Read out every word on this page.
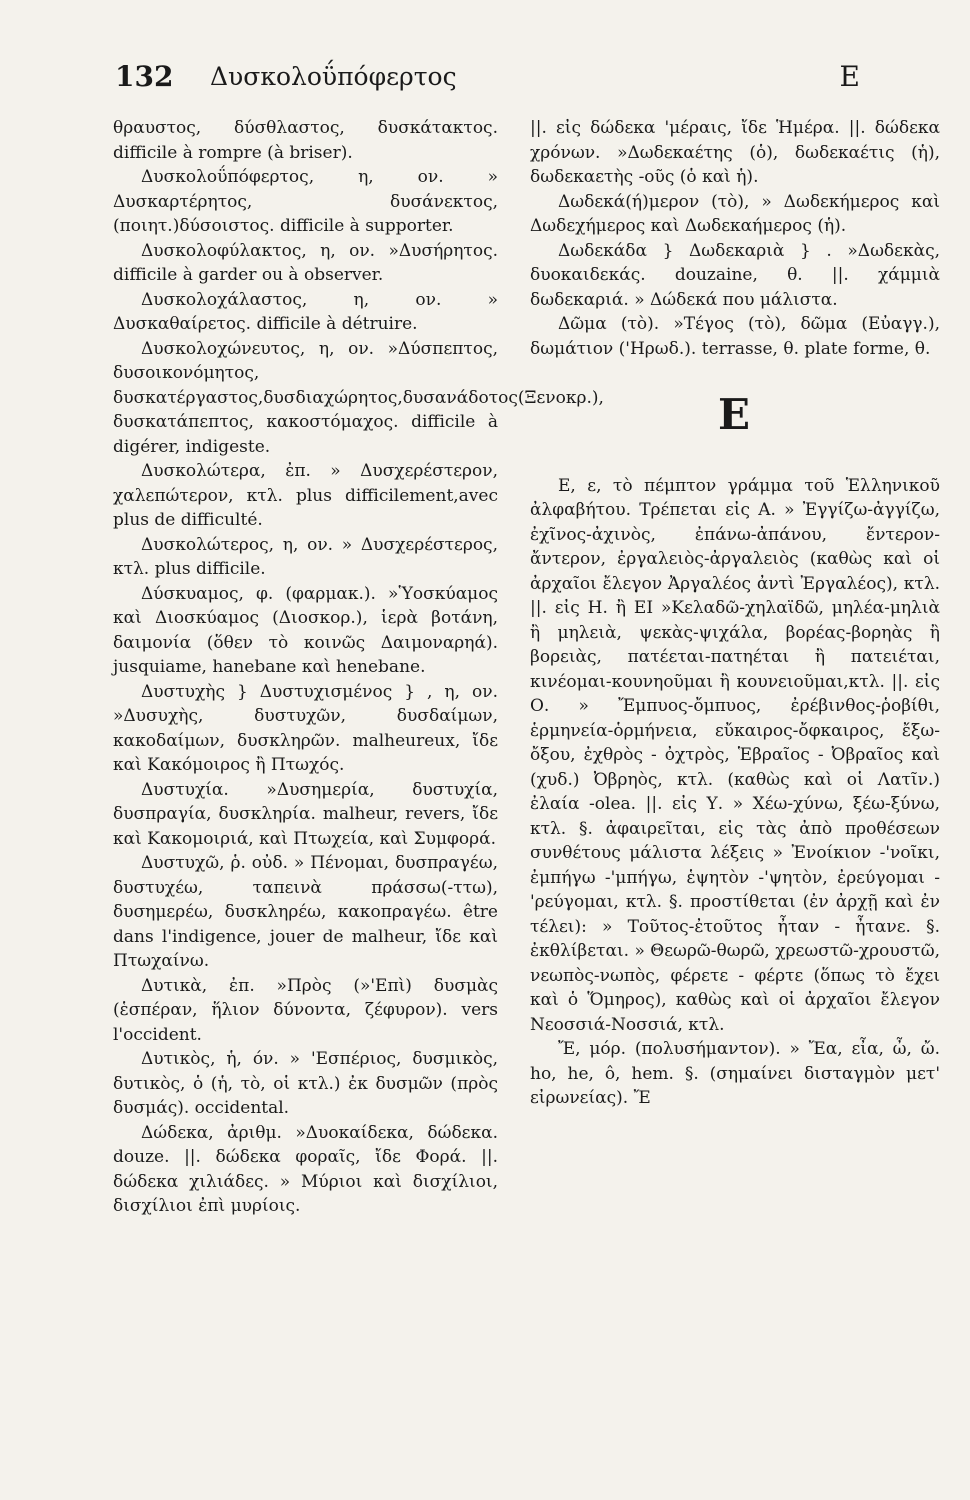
132 Δυσκολοΰπόφερτος	E

θραυστος, δύσθλαστος, δυσκάτακτος. difficile à rompre (à briser).

Δυσκολοΰπόφερτος, η, ον. » Δυσκαρτέρητος, δυσάνεκτος,(ποιητ.)δύσοιστος. difficile à supporter.

Δυσκολοφύλακτος, η, ον. »Δυσήρητος. difficile à garder ou à observer.

Δυσκολοχάλαστος, η, ον. » Δυσκαθαίρετος. difficile à détruire.

Δυσκολοχώνευτος, η, ον. »Δύσπεπτος, δυσοικονόμητος, δυσκατέργαστος,δυσδιαχώρητος,δυσανάδοτος(Ξενοκρ.), δυσκατάπεπτος, κακοστόμαχος. difficile à digérer, indigeste.

Δυσκολώτερα, ἐπ. » Δυσχερέστερον, χαλεπώτερον, κτλ. plus difficilement,avec plus de difficulté.

Δυσκολώτερος, η, ον. » Δυσχερέστερος, κτλ. plus difficile.

Δύσκυαμος, φ. (φαρμακ.). »Ὑοσκύαμος καὶ Διοσκύαμος (Διοσκορ.), ἱερὰ βοτάνη, δαιμονία (ὅθεν τὸ κοινῶς Δαιμοναρηά). jusquiame, hanebane καὶ henebane.

Δυστυχὴς } Δυστυχισμένος } , η, ον. »Δυσυχὴς, δυστυχῶν, δυσδαίμων, κακοδαίμων, δυσκληρῶν. malheureux, ἴδε καὶ Κακόμοιρος ἢ Πτωχός.

Δυστυχία. »Δυσημερία, δυστυχία, δυσπραγία, δυσκληρία. malheur, revers, ἴδε καὶ Κακομοιριά, καὶ Πτωχεία, καὶ Συμφορά.

Δυστυχῶ, ῥ. οὐδ. » Πένομαι, δυσπραγέω, δυστυχέω, ταπεινὰ πράσσω(-ττω), δυσημερέω, δυσκληρέω, κακοπραγέω. être dans l'indigence, jouer de malheur, ἴδε καὶ Πτωχαίνω.

Δυτικὰ, ἐπ. »Πρὸς (»'Επὶ) δυσμὰς (ἑσπέραν, ἥλιον δύνοντα, ζέφυρον). vers l'occident.

Δυτικὸς, ἡ, όν. » 'Εσπέριος, δυσμικὸς, δυτικὸς, ὁ (ἡ, τὸ, οἱ κτλ.) ἐκ δυσμῶν (πρὸς δυσμάς). occidental.

Δώδεκα, ἀριθμ. »Δυοκαίδεκα, δώδεκα. douze. ||. δώδεκα φοραῖς, ἴδε Φορά. ||. δώδεκα χιλιάδες. » Μύριοι καὶ δισχίλιοι, δισχίλιοι ἐπὶ μυρίοις.

||. εἰς δώδεκα 'μέραις, ἴδε Ἡμέρα. ||. δώδεκα χρόνων. »Δωδεκαέτης (ὁ), δωδεκαέτις (ἡ), δωδεκαετὴς -οῦς (ὁ καὶ ἡ).

Δωδεκά(ή)μερον (τὸ), » Δωδεκήμερος καὶ Δωδεχήμερος καὶ Δωδεκαήμερος (ἡ).

Δωδεκάδα } Δωδεκαριὰ } . »Δωδεκὰς, δυοκαιδεκάς. douzaine, θ. ||. χάμμιὰ δωδεκαριά. » Δώδεκά που μάλιστα.

Δῶμα (τὸ). »Τέγος (τὸ), δῶμα (Εὐαγγ.), δωμάτιον ('Ηρωδ.). terrasse, θ. plate forme, θ.

E

Ε, ε, τὸ πέμπτον γράμμα τοῦ Ἑλληνικοῦ ἀλφαβήτου. Τρέπεται εἰς Α. » Ἐγγίζω-ἀγγίζω, ἐχῖνος-ἀχινὸς, ἐπάνω-ἀπάνου, ἔντερον-ἄντερον, ἐργαλειὸς-ἀργαλειὸς (καθὼς καὶ οἱ ἀρχαῖοι ἔλεγον Ἀργαλέος ἀντὶ Ἐργαλέος), κτλ. ||. εἰς Η. ἢ ΕΙ »Κελαδῶ-χηλαϊδῶ, μηλέα-μηλιὰ ἢ μηλειὰ, ψεκὰς-ψιχάλα, βορέας-βορηὰς ἢ βορειὰς, πατέεται-πατηέται ἢ πατειέται, κινέομαι-κουνηοῦμαι ἢ κουνειοῦμαι,κτλ. ||. εἰς Ο. » Ἔμπυος-ὄμπυος, ἐρέβινθος-ῥοβίθι, ἑρμηνεία-ὁρμήνεια, εὔκαιρος-ὄφκαιρος, ἔξω-ὄξου, ἐχθρὸς - ὀχτρὸς, Ἑβραῖος - Ὀβραῖος καὶ (χυδ.) Ὀβρηὸς, κτλ. (καθὼς καὶ οἱ Λατῖν.) ἐλαία -olea. ||. εἰς Υ. » Χέω-χύνω, ξέω-ξύνω, κτλ. §. ἀφαιρεῖται, εἰς τὰς ἀπὸ προθέσεων συνθέτους μάλιστα λέξεις » Ἐνοίκιον -'νοῖκι, ἐμπήγω -'μπήγω, ἑψητὸν -'ψητὸν, ἐρεύγομαι -'ρεύγομαι, κτλ. §. προστίθεται (ἐν ἀρχῇ καὶ ἐν τέλει): » Τοῦτος-ἐτοῦτος ἦταν - ἦτανε. §. ἐκθλίβεται. » Θεωρῶ-θωρῶ, χρεωστῶ-χρουστῶ, νεωπὸς-νωπὸς, φέρετε - φέρτε (ὅπως τὸ ἔχει καὶ ὁ Ὅμηρος), καθὼς καὶ οἱ ἀρχαῖοι ἔλεγον Νεοσσιά-Νοσσιά, κτλ.

Ἔ, μόρ. (πολυσήμαντον). » Ἔα, εἶα, ὦ, ὤ. ho, he, ô, hem. §. (σημαίνει δισταγμὸν μετ' εἰρωνείας). Ἔ
